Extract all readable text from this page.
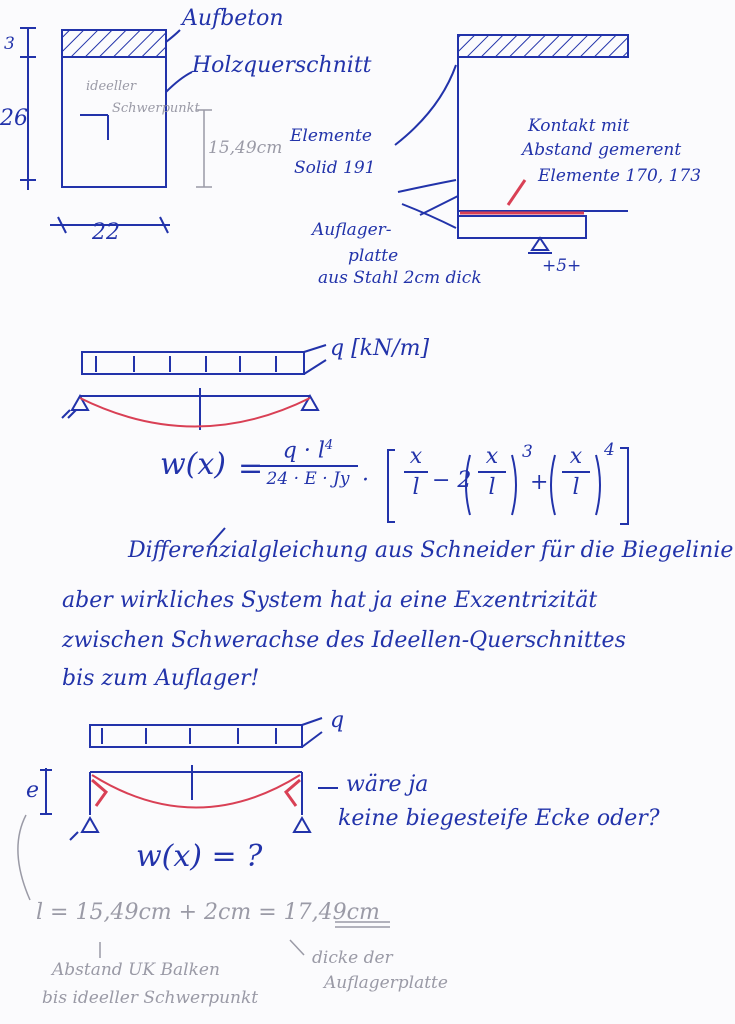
3
26
22
15,49cm
Aufbeton
Holzquerschnitt
ideeller
Schwerpunkt
Elemente
Solid 191
Kontakt mit
Abstand gemerent
Elemente 170, 173
Auflager-
platte
aus Stahl 2cm dick
+5+
q [kN/m]
w(x) =
$q \cdot l^4$
24 · E · Jy ·
x
l − 2
x
l
3
+
x
l
4
Differenzialgleichung aus Schneider für die Biegelinie
aber wirkliches System hat ja eine Exzentrizität
zwischen Schwerachse des Ideellen-Querschnittes
bis zum Auflager!
q
e	wäre ja
keine biegesteife Ecke oder?
w(x) = ?
l = 15,49cm + 2cm = 17,49cm
Abstand UK Balken
bis ideeller Schwerpunkt
dicke der
Auflagerplatte
